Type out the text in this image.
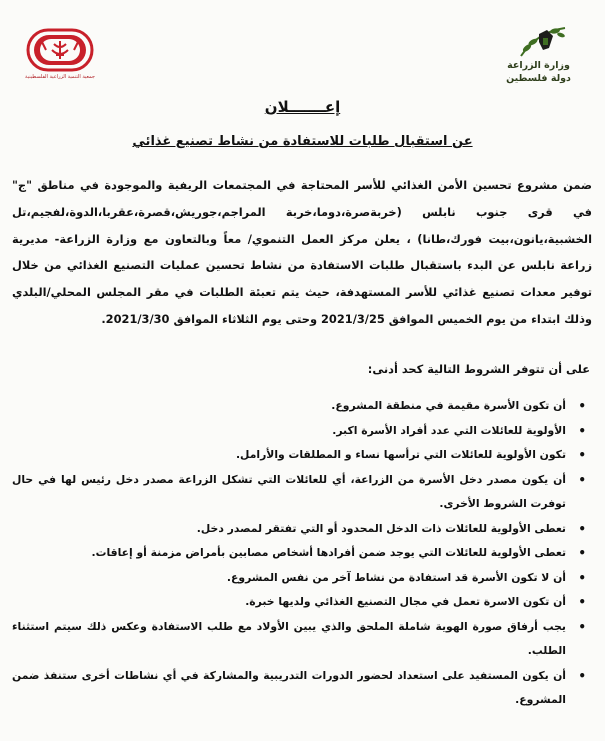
جمعية التنمية الزراعية الفلسطينية
وزارة الزراعة
دولة فلسطين
إعـــــــلان
عن استقبال طلبات للاستفادة من نشاط تصنيع غذائي
ضمن مشروع تحسين الأمن الغذائي للأسر المحتاجة في المجتمعات الريفية والموجودة في مناطق "ج" في قرى جنوب نابلس (خربةصرة،دوما،خربة المراجم،جوريش،قصرة،عقربا،الدوة،لفجيم،تل الخشبية،يانون،بيت فورك،طانا) ، يعلن مركز العمل التنموي/ معاً وبالتعاون مع وزارة الزراعة- مديرية زراعة نابلس عن البدء باستقبال طلبات الاستفادة من نشاط تحسين عمليات التصنيع الغذائي من خلال توفير معدات تصنيع غذائي للأسر المستهدفة، حيث يتم تعبئة الطلبات في مقر المجلس المحلي/البلدي وذلك ابتداء من يوم الخميس الموافق 2021/3/25 وحتى يوم الثلاثاء الموافق 2021/3/30.
على أن تتوفر الشروط التالية كحد أدنى:
• أن تكون الأسرة مقيمة في منطقة المشروع.
• الأولوية للعائلات التي عدد أفراد الأسرة اكبر.
• تكون الأولوية للعائلات التي ترأسها نساء و المطلقات والأرامل.
• أن يكون مصدر دخل الأسرة من الزراعة، أي للعائلات التي تشكل الزراعة مصدر دخل رئيس لها في حال توفرت الشروط الأخرى.
• تعطى الأولوية للعائلات ذات الدخل المحدود أو التي تفتقر لمصدر دخل.
• تعطى الأولوية للعائلات التي يوجد ضمن أفرادها أشخاص مصابين بأمراض مزمنة أو إعاقات.
• أن لا تكون الأسرة قد استفادة من نشاط آخر من نفس المشروع.
• أن تكون الاسرة تعمل في مجال التصنيع الغذائي ولديها خبرة.
• يجب أرفاق صورة الهوية شاملة الملحق والذي يبين الأولاد مع طلب الاستفادة وعكس ذلك سيتم استثناء الطلب.
• أن يكون المستفيد على استعداد لحضور الدورات التدريبية والمشاركة في أي نشاطات أخرى ستنفذ ضمن المشروع.
